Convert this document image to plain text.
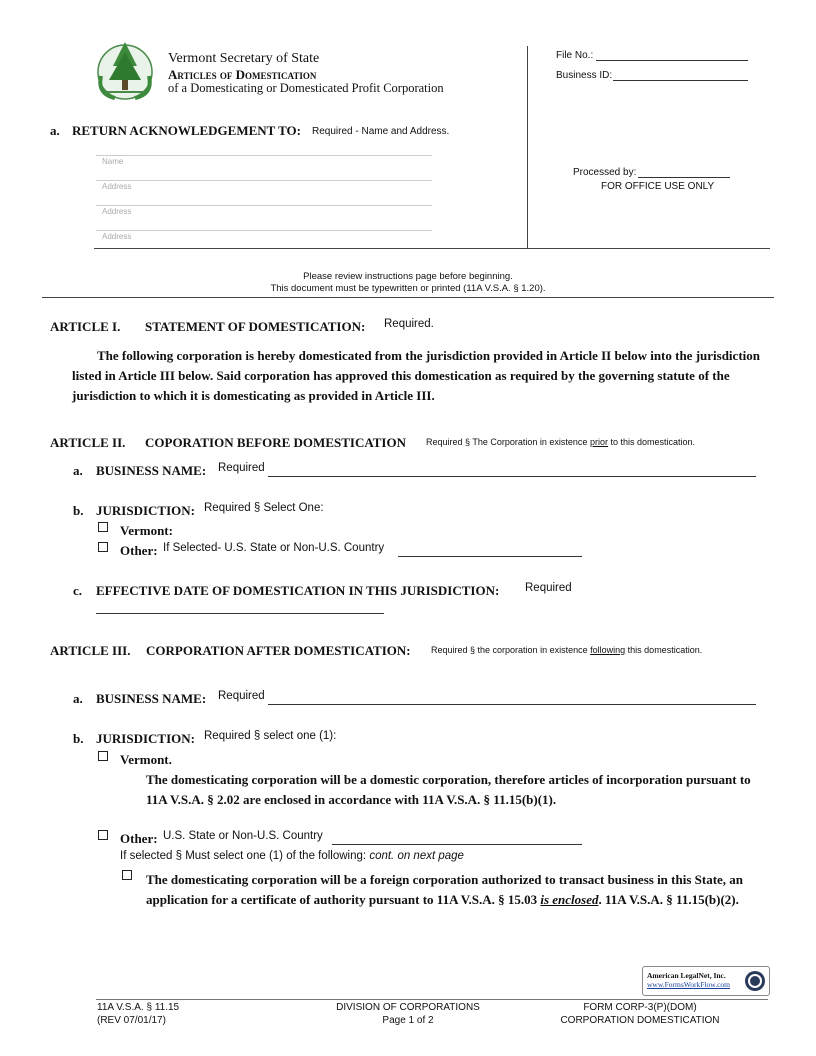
Vermont Secretary of State
Articles of Domestication
of a Domesticating or Domesticated Profit Corporation
File No.:
Business ID:
Processed by:
FOR OFFICE USE ONLY
a. RETURN ACKNOWLEDGEMENT TO: Required - Name and Address.
Name
Address
Address
Address
Please review instructions page before beginning.
This document must be typewritten or printed (11A V.S.A. § 1.20).
ARTICLE I. STATEMENT OF DOMESTICATION: Required.
The following corporation is hereby domesticated from the jurisdiction provided in Article II below into the jurisdiction listed in Article III below. Said corporation has approved this domestication as required by the governing statute of the jurisdiction to which it is domesticating as provided in Article III.
ARTICLE II. COPORATION BEFORE DOMESTICATION Required § The Corporation in existence prior to this domestication.
a. BUSINESS NAME: Required
b. JURISDICTION: Required § Select One:
Vermont:
Other: If Selected- U.S. State or Non-U.S. Country
c. EFFECTIVE DATE OF DOMESTICATION IN THIS JURISDICTION: Required
ARTICLE III. CORPORATION AFTER DOMESTICATION: Required § the corporation in existence following this domestication.
a. BUSINESS NAME: Required
b. JURISDICTION: Required § select one (1):
Vermont.
The domesticating corporation will be a domestic corporation, therefore articles of incorporation pursuant to 11A V.S.A. § 2.02 are enclosed in accordance with 11A V.S.A. § 11.15(b)(1).
Other: U.S. State or Non-U.S. Country
If selected § Must select one (1) of the following: cont. on next page
The domesticating corporation will be a foreign corporation authorized to transact business in this State, an application for a certificate of authority pursuant to 11A V.S.A. § 15.03 is enclosed. 11A V.S.A. § 11.15(b)(2).
American LegalNet, Inc.
www.FormsWorkFlow.com
11A V.S.A. § 11.15
(REV 07/01/17)
DIVISION OF CORPORATIONS
Page 1 of 2
FORM CORP-3(P)(DOM)
CORPORATION DOMESTICATION
